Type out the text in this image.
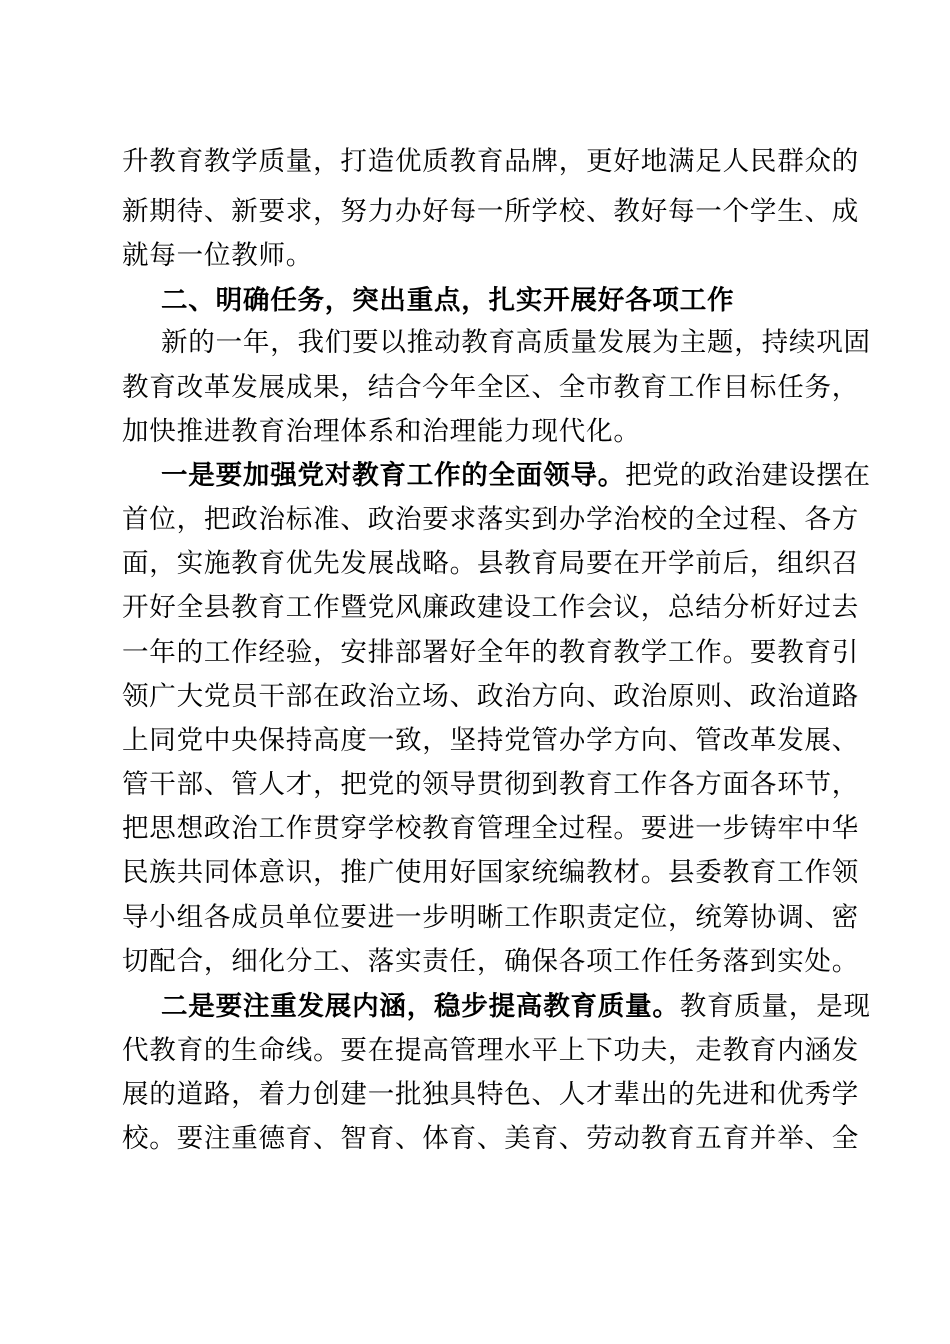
升教育教学质量，打造优质教育品牌，更好地满足人民群众的
新期待、新要求，努力办好每一所学校、教好每一个学生、成
就每一位教师。
二、明确任务，突出重点，扎实开展好各项工作
新的一年，我们要以推动教育高质量发展为主题，持续巩固
教育改革发展成果，结合今年全区、全市教育工作目标任务，
加快推进教育治理体系和治理能力现代化。
一是要加强党对教育工作的全面领导。把党的政治建设摆在
首位，把政治标准、政治要求落实到办学治校的全过程、各方
面，实施教育优先发展战略。县教育局要在开学前后，组织召
开好全县教育工作暨党风廉政建设工作会议，总结分析好过去
一年的工作经验，安排部署好全年的教育教学工作。要教育引
领广大党员干部在政治立场、政治方向、政治原则、政治道路
上同党中央保持高度一致，坚持党管办学方向、管改革发展、
管干部、管人才，把党的领导贯彻到教育工作各方面各环节，
把思想政治工作贯穿学校教育管理全过程。要进一步铸牢中华
民族共同体意识，推广使用好国家统编教材。县委教育工作领
导小组各成员单位要进一步明晰工作职责定位，统筹协调、密
切配合，细化分工、落实责任，确保各项工作任务落到实处。
二是要注重发展内涵，稳步提高教育质量。教育质量，是现
代教育的生命线。要在提高管理水平上下功夫，走教育内涵发
展的道路，着力创建一批独具特色、人才辈出的先进和优秀学
校。要注重德育、智育、体育、美育、劳动教育五育并举、全
